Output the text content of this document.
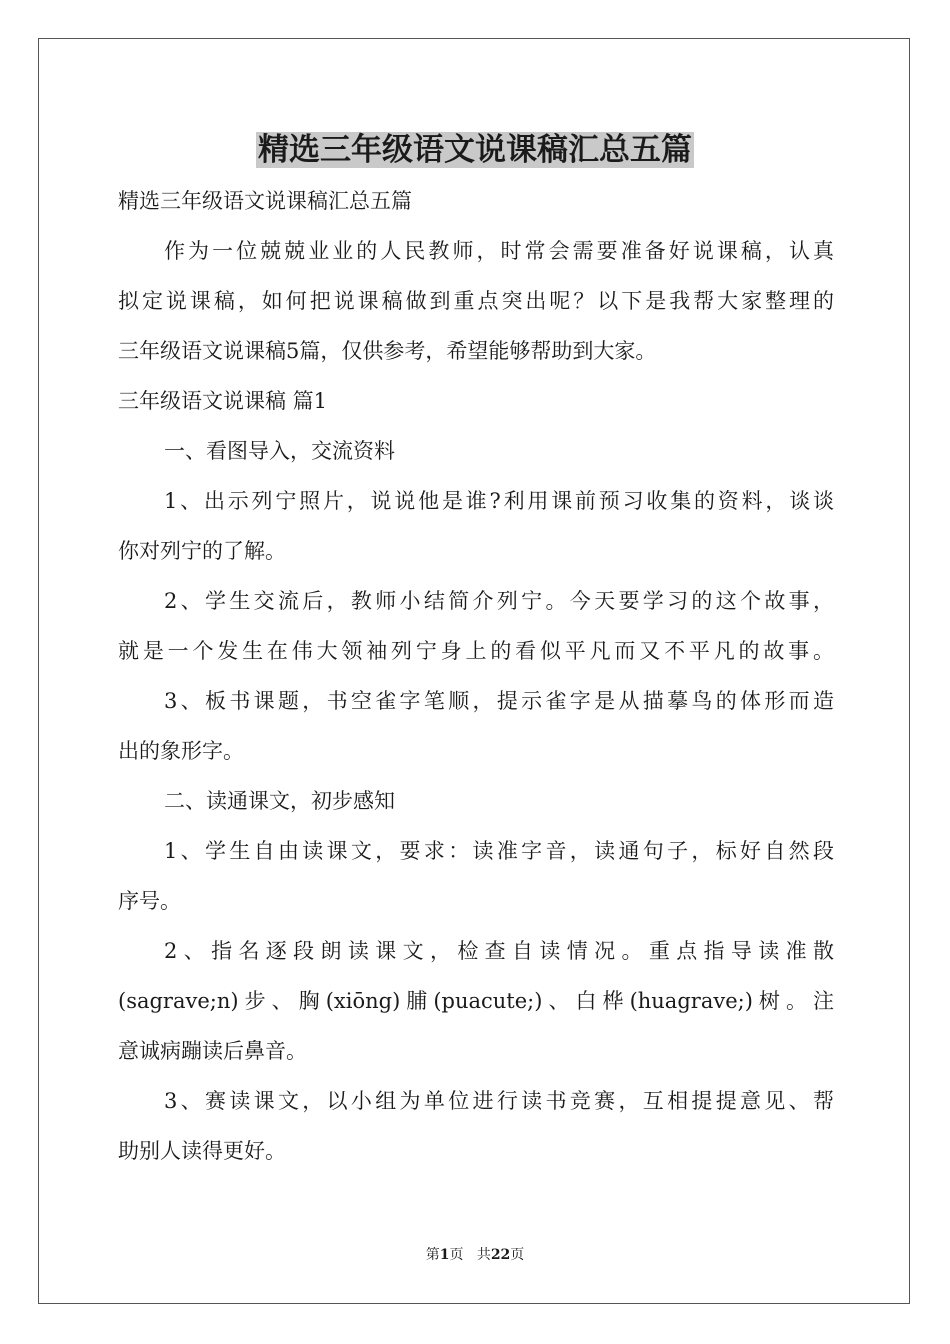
精选三年级语文说课稿汇总五篇
精选三年级语文说课稿汇总五篇
作为一位兢兢业业的人民教师，时常会需要准备好说课稿，认真
拟定说课稿，如何把说课稿做到重点突出呢？以下是我帮大家整理的
三年级语文说课稿5篇，仅供参考，希望能够帮助到大家。
三年级语文说课稿 篇1
一、看图导入，交流资料
1、出示列宁照片，说说他是谁?利用课前预习收集的资料，谈谈
你对列宁的了解。
2、学生交流后，教师小结简介列宁。今天要学习的这个故事，
就是一个发生在伟大领袖列宁身上的看似平凡而又不平凡的故事。
3、板书课题，书空雀字笔顺，提示雀字是从描摹鸟的体形而造
出的象形字。
二、读通课文，初步感知
1、学生自由读课文，要求：读准字音，读通句子，标好自然段
序号。
2、指名逐段朗读课文，检查自读情况。重点指导读准散
(sagrave;n)步、胸(xiōng)脯(puacute;)、白桦(huagrave;)树。注
意诚病蹦读后鼻音。
3、赛读课文，以小组为单位进行读书竞赛，互相提提意见、帮
助别人读得更好。
第1页 共22页
